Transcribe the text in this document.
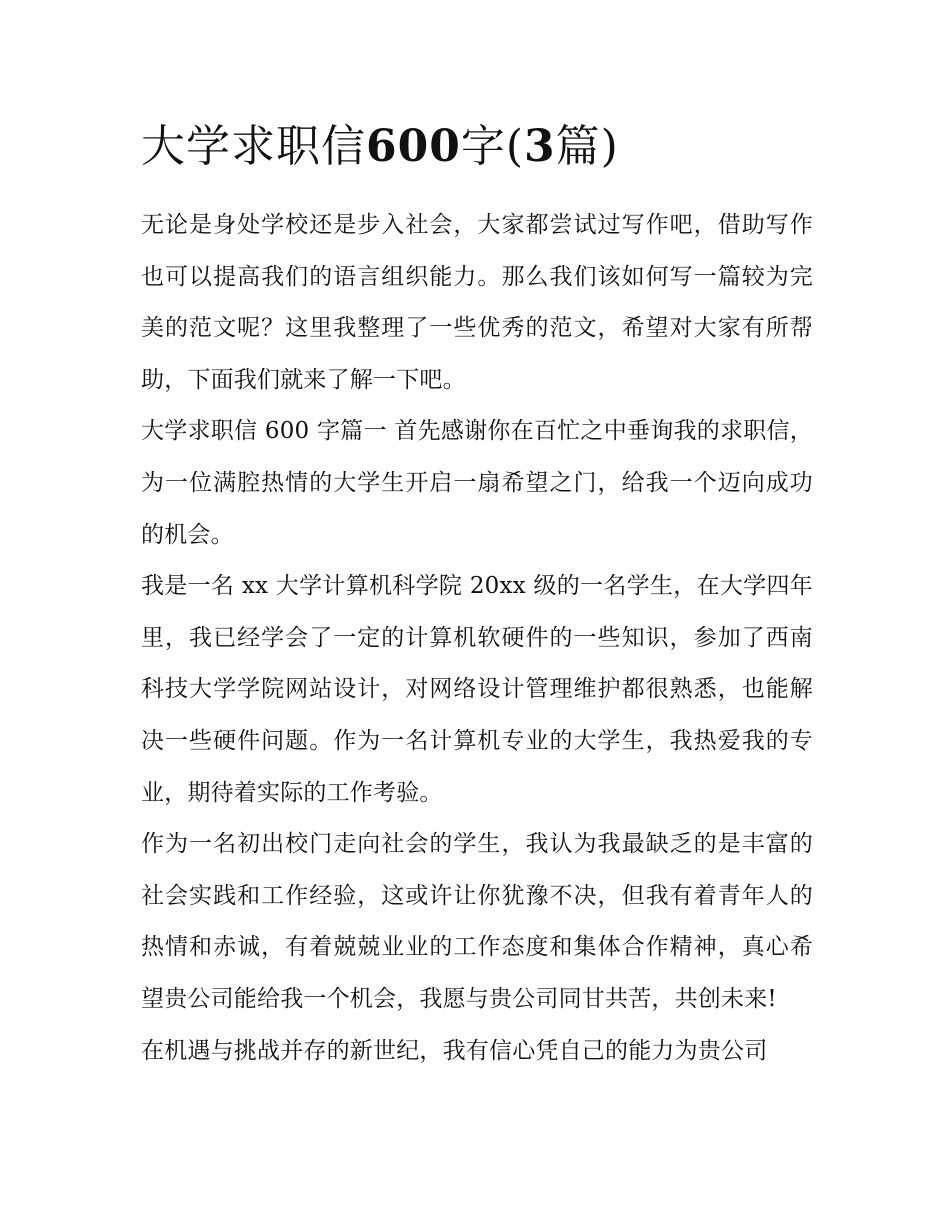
大学求职信600字(3篇)

无论是身处学校还是步入社会，大家都尝试过写作吧，借助写作也可以提高我们的语言组织能力。那么我们该如何写一篇较为完美的范文呢？这里我整理了一些优秀的范文，希望对大家有所帮助，下面我们就来了解一下吧。

大学求职信 600 字篇一 首先感谢你在百忙之中垂询我的求职信，为一位满腔热情的大学生开启一扇希望之门，给我一个迈向成功的机会。

我是一名 xx 大学计算机科学院 20xx 级的一名学生，在大学四年里，我已经学会了一定的计算机软硬件的一些知识，参加了西南科技大学学院网站设计，对网络设计管理维护都很熟悉，也能解决一些硬件问题。作为一名计算机专业的大学生，我热爱我的专业，期待着实际的工作考验。

作为一名初出校门走向社会的学生，我认为我最缺乏的是丰富的社会实践和工作经验，这或许让你犹豫不决，但我有着青年人的热情和赤诚，有着兢兢业业的工作态度和集体合作精神，真心希望贵公司能给我一个机会，我愿与贵公司同甘共苦，共创未来!

在机遇与挑战并存的新世纪，我有信心凭自己的能力为贵公司
